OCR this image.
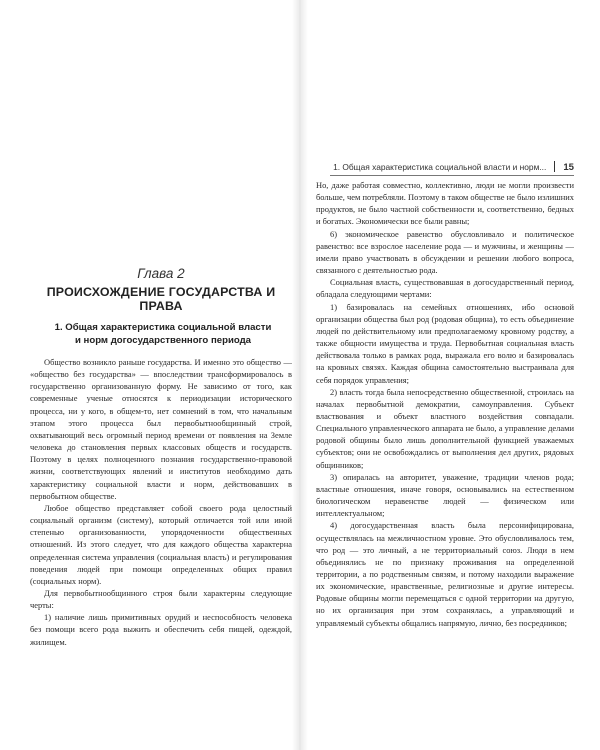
Глава 2
ПРОИСХОЖДЕНИЕ ГОСУДАРСТВА И ПРАВА
1. Общая характеристика социальной власти
и норм догосударственного периода

Общество возникло раньше государства. И именно это общество — «общество без государства» — впоследствии трансформировалось в государственно организованную форму. Не зависимо от того, как современные ученые относятся к периодизации исторического процесса, ни у кого, в общем-то, нет сомнений в том, что начальным этапом этого процесса был первобытнообщинный строй, охватывающий весь огромный период времени от появления на Земле человека до становления первых классовых обществ и государств. Поэтому в целях полноценного познания государственно-правовой жизни, соответствующих явлений и институтов необходимо дать характеристику социальной власти и норм, действовавших в первобытном обществе.

Любое общество представляет собой своего рода целостный социальный организм (систему), который отличается той или иной степенью организованности, упорядоченности общественных отношений. Из этого следует, что для каждого общества характерна определенная система управления (социальная власть) и регулирования поведения людей при помощи определенных общих правил (социальных норм).

Для первобытнообщинного строя были характерны следующие черты:

1) наличие лишь примитивных орудий и неспособность человека без помощи всего рода выжить и обеспечить себя пищей, одеждой, жилищем.

1. Общая характеристика социальной власти и норм... 15

Но, даже работая совместно, коллективно, люди не могли произвести больше, чем потребляли. Поэтому в таком обществе не было излишних продуктов, не было частной собственности и, соответственно, бедных и богатых. Экономически все были равны;

6) экономическое равенство обусловливало и политическое равенство: все взрослое население рода — и мужчины, и женщины — имели право участвовать в обсуждении и решении любого вопроса, связанного с деятельностью рода.

Социальная власть, существовавшая в догосударственный период, обладала следующими чертами:

1) базировалась на семейных отношениях, ибо основой организации общества был род (родовая община), то есть объединение людей по действительному или предполагаемому кровному родству, а также общности имущества и труда. Первобытная социальная власть действовала только в рамках рода, выражала его волю и базировалась на кровных связях. Каждая община самостоятельно выстраивала для себя порядок управления;

2) власть тогда была непосредственно общественной, строилась на началах первобытной демократии, самоуправления. Субъект властвования и объект властного воздействия совпадали. Специального управленческого аппарата не было, а управление делами родовой общины было лишь дополнительной функцией уважаемых субъектов; они не освобождались от выполнения дел других, рядовых общинников;

3) опиралась на авторитет, уважение, традиции членов рода; властные отношения, иначе говоря, основывались на естественном биологическом неравенстве людей — физическом или интеллектуальном;

4) догосударственная власть была персонифицирована, осуществлялась на межличностном уровне. Это обусловливалось тем, что род — это личный, а не территориальный союз. Люди в нем объединялись не по признаку проживания на определенной территории, а по родственным связям, и потому находили выражение их экономические, нравственные, религиозные и другие интересы. Родовые общины могли перемещаться с одной территории на другую, но их организация при этом сохранялась, а управляющий и управляемый субъекты общались напрямую, лично, без посредников;
